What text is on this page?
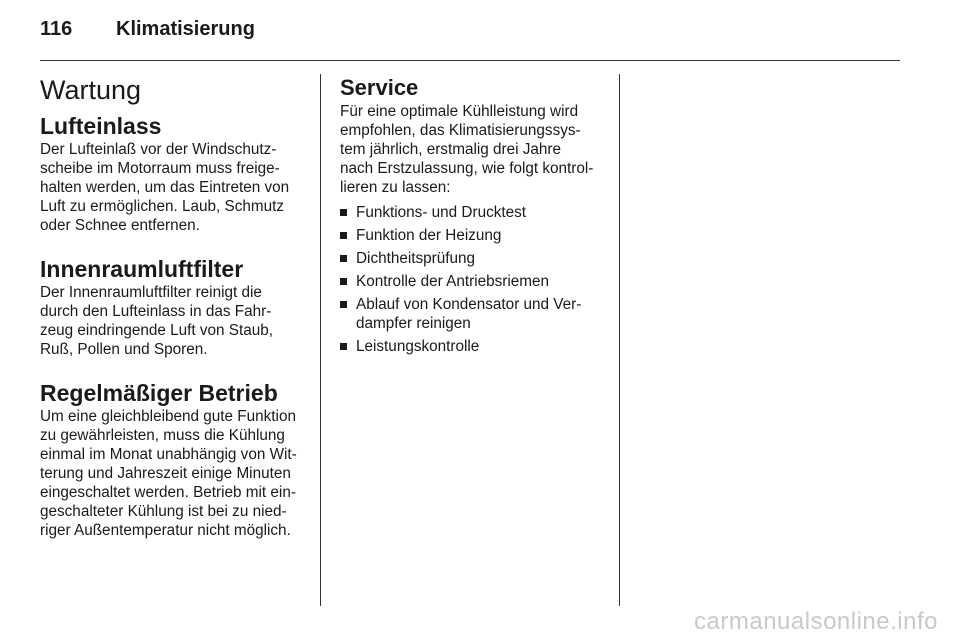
116 Klimatisierung
Wartung
Lufteinlass

Der Lufteinlaß vor der Windschutz-

scheibe im Motorraum muss freige-

halten werden, um das Eintreten von

Luft zu ermöglichen. Laub, Schmutz

oder Schnee entfernen.

Innenraumluftfilter

Der Innenraumluftfilter reinigt die

durch den Lufteinlass in das Fahr-

zeug eindringende Luft von Staub,

Ruß, Pollen und Sporen.

Regelmäßiger Betrieb

Um eine gleichbleibend gute Funktion

zu gewährleisten, muss die Kühlung

einmal im Monat unabhängig von Wit-

terung und Jahreszeit einige Minuten

eingeschaltet werden. Betrieb mit ein-

geschalteter Kühlung ist bei zu nied-

riger Außentemperatur nicht möglich.

Service

Für eine optimale Kühlleistung wird

empfohlen, das Klimatisierungssys-

tem jährlich, erstmalig drei Jahre

nach Erstzulassung, wie folgt kontrol-

lieren zu lassen:

Funktions- und Drucktest
Funktion der Heizung
Dichtheitsprüfung
Kontrolle der Antriebsriemen
Ablauf von Kondensator und Ver-
dampfer reinigen
Leistungskontrolle
carmanualsonline.info
